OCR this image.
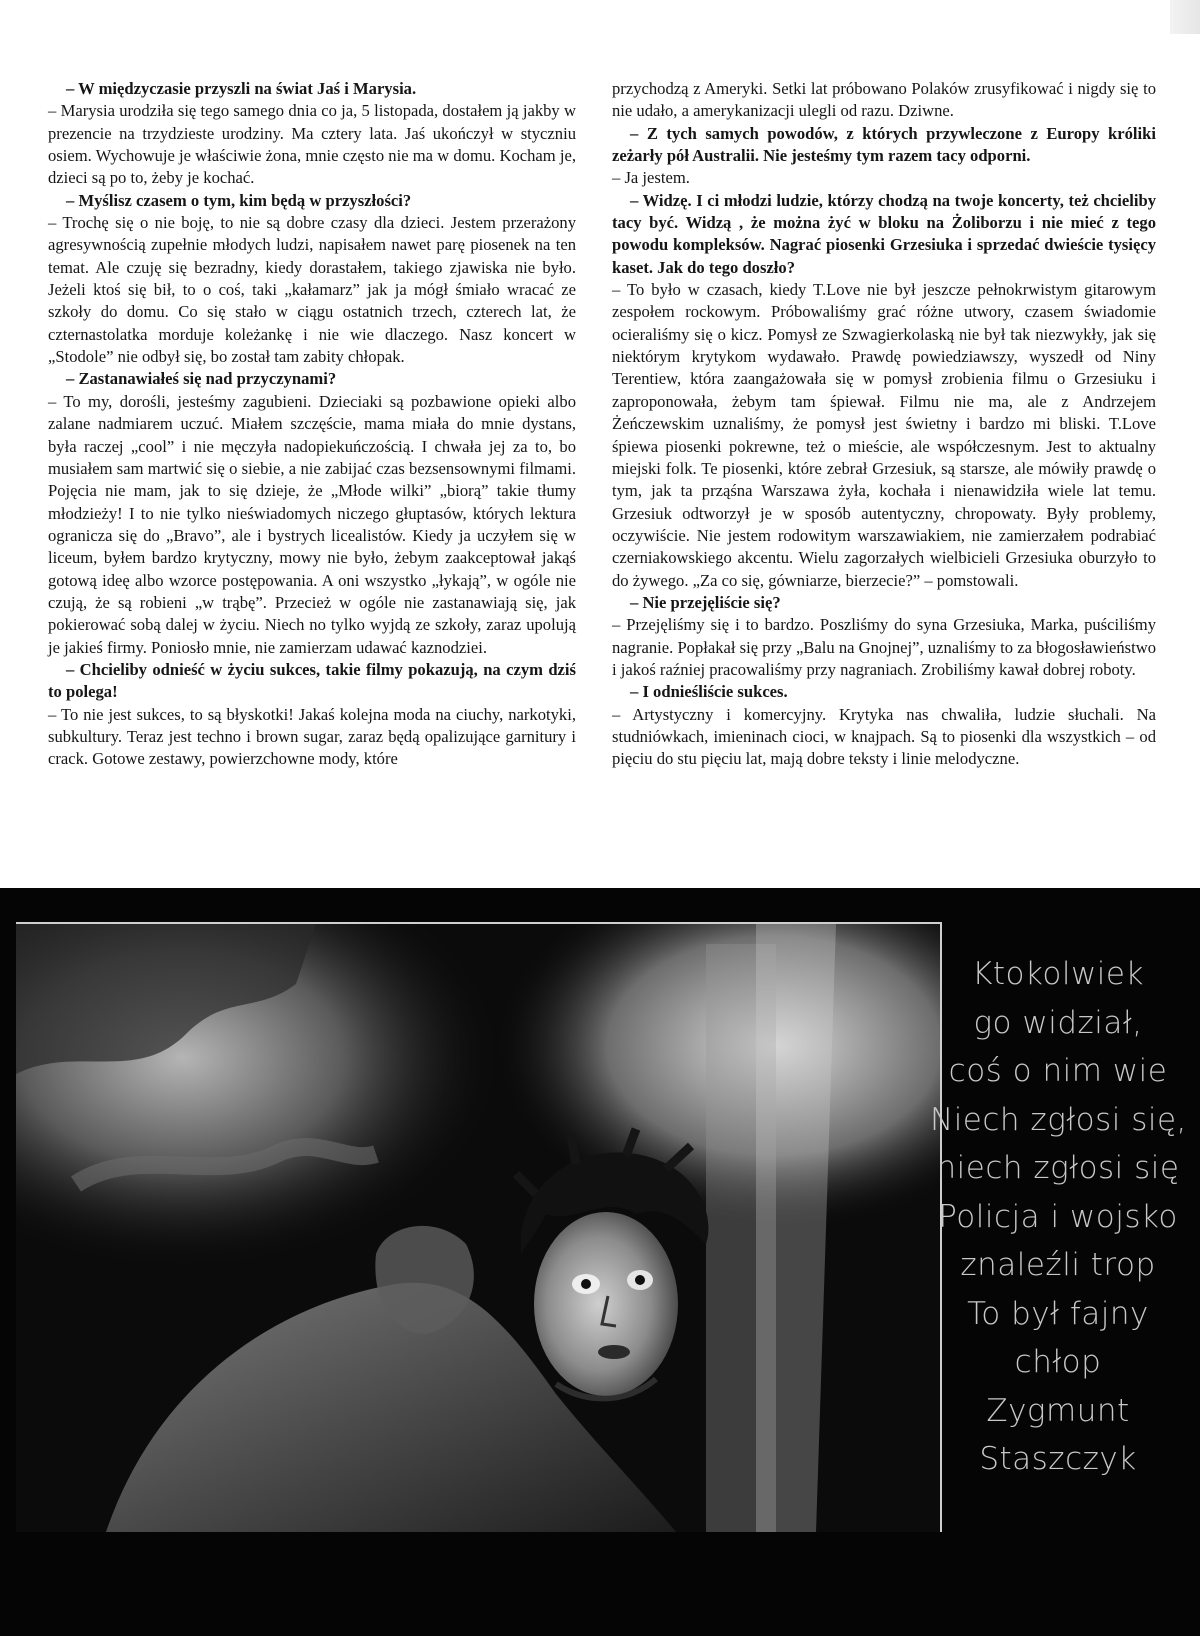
– W międzyczasie przyszli na świat Jaś i Marysia.

– Marysia urodziła się tego samego dnia co ja, 5 listopada, dostałem ją jakby w prezencie na trzydzieste urodziny. Ma cztery lata. Jaś ukończył w styczniu osiem. Wychowuje je właściwie żona, mnie często nie ma w domu. Kocham je, dzieci są po to, żeby je kochać.

– Myślisz czasem o tym, kim będą w przyszłości?

– Trochę się o nie boję, to nie są dobre czasy dla dzieci. Jestem przerażony agresywnością zupełnie młodych ludzi, napisałem nawet parę piosenek na ten temat. Ale czuję się bezradny, kiedy dorastałem, takiego zjawiska nie było. Jeżeli ktoś się bił, to o coś, taki „kałamarz” jak ja mógł śmiało wracać ze szkoły do domu. Co się stało w ciągu ostatnich trzech, czterech lat, że czternastolatka morduje koleżankę i nie wie dlaczego. Nasz koncert w „Stodole” nie odbył się, bo został tam zabity chłopak.

– Zastanawiałeś się nad przyczynami?

– To my, dorośli, jesteśmy zagubieni. Dzieciaki są pozbawione opieki albo zalane nadmiarem uczuć. Miałem szczęście, mama miała do mnie dystans, była raczej „cool” i nie męczyła nadopiekuńczością. I chwała jej za to, bo musiałem sam martwić się o siebie, a nie zabijać czas bezsensownymi filmami. Pojęcia nie mam, jak to się dzieje, że „Młode wilki” „biorą” takie tłumy młodzieży! I to nie tylko nieświadomych niczego głuptasów, których lektura ogranicza się do „Bravo”, ale i bystrych licealistów. Kiedy ja uczyłem się w liceum, byłem bardzo krytyczny, mowy nie było, żebym zaakceptował jakąś gotową ideę albo wzorce postępowania. A oni wszystko „łykają”, w ogóle nie czują, że są robieni „w trąbę”. Przecież w ogóle nie zastanawiają się, jak pokierować sobą dalej w życiu. Niech no tylko wyjdą ze szkoły, zaraz upolują je jakieś firmy. Poniosło mnie, nie zamierzam udawać kaznodziei.

– Chcieliby odnieść w życiu sukces, takie filmy pokazują, na czym dziś to polega!

– To nie jest sukces, to są błyskotki! Jakaś kolejna moda na ciuchy, narkotyki, subkultury. Teraz jest techno i brown sugar, zaraz będą opalizujące garnitury i crack. Gotowe zestawy, powierzchowne mody, które

przychodzą z Ameryki. Setki lat próbowano Polaków zrusyfikować i nigdy się to nie udało, a amerykanizacji ulegli od razu. Dziwne.

– Z tych samych powodów, z których przywleczone z Europy króliki zeżarły pół Australii. Nie jesteśmy tym razem tacy odporni.

– Ja jestem.

– Widzę. I ci młodzi ludzie, którzy chodzą na twoje koncerty, też chcieliby tacy być. Widzą , że można żyć w bloku na Żoliborzu i nie mieć z tego powodu kompleksów. Nagrać piosenki Grzesiuka i sprzedać dwieście tysięcy kaset. Jak do tego doszło?

– To było w czasach, kiedy T.Love nie był jeszcze pełnokrwistym gitarowym zespołem rockowym. Próbowaliśmy grać różne utwory, czasem świadomie ocieraliśmy się o kicz. Pomysł ze Szwagierkolaską nie był tak niezwykły, jak się niektórym krytykom wydawało. Prawdę powiedziawszy, wyszedł od Niny Terentiew, która zaangażowała się w pomysł zrobienia filmu o Grzesiuku i zaproponowała, żebym tam śpiewał. Filmu nie ma, ale z Andrzejem Żeńczewskim uznaliśmy, że pomysł jest świetny i bardzo mi bliski. T.Love śpiewa piosenki pokrewne, też o mieście, ale współczesnym. Jest to aktualny miejski folk. Te piosenki, które zebrał Grzesiuk, są starsze, ale mówiły prawdę o tym, jak ta prząśna Warszawa żyła, kochała i nienawidziła wiele lat temu. Grzesiuk odtworzył je w sposób autentyczny, chropowaty. Były problemy, oczywiście. Nie jestem rodowitym warszawiakiem, nie zamierzałem podrabiać czerniakowskiego akcentu. Wielu zagorzałych wielbicieli Grzesiuka oburzyło to do żywego. „Za co się, gówniarze, bierzecie?” – pomstowali.

– Nie przejęliście się?

– Przejęliśmy się i to bardzo. Poszliśmy do syna Grzesiuka, Marka, puściliśmy nagranie. Popłakał się przy „Balu na Gnojnej”, uznaliśmy to za błogosławieństwo i jakoś raźniej pracowaliśmy przy nagraniach. Zrobiliśmy kawał dobrej roboty.

– I odnieśliście sukces.

– Artystyczny i komercyjny. Krytyka nas chwaliła, ludzie słuchali. Na studniówkach, imieninach cioci, w knajpach. Są to piosenki dla wszystkich – od pięciu do stu pięciu lat, mają dobre teksty i linie melodyczne.

Ktokolwiek
go widział,
coś o nim wie
Niech zgłosi się,
niech zgłosi się
Policja i wojsko
znaleźli trop
To był fajny
chłop
Zygmunt
Staszczyk
